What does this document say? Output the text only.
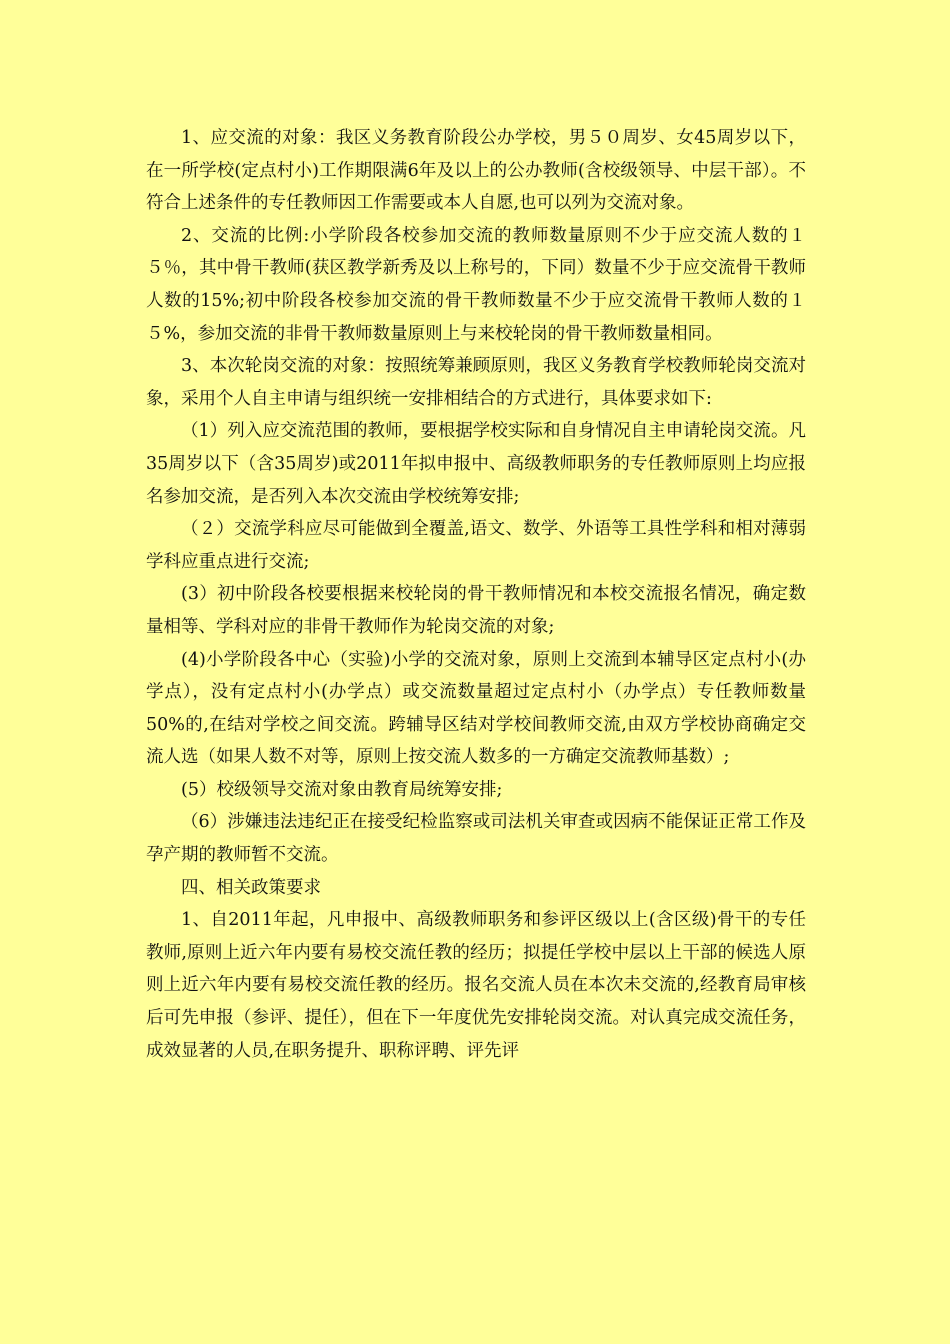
1、应交流的对象：我区义务教育阶段公办学校，男５０周岁、女45周岁以下，在一所学校(定点村小)工作期限满6年及以上的公办教师(含校级领导、中层干部）。不符合上述条件的专任教师因工作需要或本人自愿,也可以列为交流对象。

2、交流的比例:小学阶段各校参加交流的教师数量原则不少于应交流人数的１５％，其中骨干教师(获区教学新秀及以上称号的，下同）数量不少于应交流骨干教师人数的15%;初中阶段各校参加交流的骨干教师数量不少于应交流骨干教师人数的１５%，参加交流的非骨干教师数量原则上与来校轮岗的骨干教师数量相同。

3、本次轮岗交流的对象：按照统筹兼顾原则，我区义务教育学校教师轮岗交流对象，采用个人自主申请与组织统一安排相结合的方式进行，具体要求如下:

（1）列入应交流范围的教师，要根据学校实际和自身情况自主申请轮岗交流。凡35周岁以下（含35周岁)或2011年拟申报中、高级教师职务的专任教师原则上均应报名参加交流，是否列入本次交流由学校统筹安排;

（２）交流学科应尽可能做到全覆盖,语文、数学、外语等工具性学科和相对薄弱学科应重点进行交流;

(3）初中阶段各校要根据来校轮岗的骨干教师情况和本校交流报名情况，确定数量相等、学科对应的非骨干教师作为轮岗交流的对象;

(4)小学阶段各中心（实验)小学的交流对象，原则上交流到本辅导区定点村小(办学点），没有定点村小(办学点）或交流数量超过定点村小（办学点）专任教师数量50%的,在结对学校之间交流。跨辅导区结对学校间教师交流,由双方学校协商确定交流人选（如果人数不对等，原则上按交流人数多的一方确定交流教师基数）;

(5）校级领导交流对象由教育局统筹安排;

（6）涉嫌违法违纪正在接受纪检监察或司法机关审查或因病不能保证正常工作及孕产期的教师暂不交流。

四、相关政策要求

1、自2011年起，凡申报中、高级教师职务和参评区级以上(含区级)骨干的专任教师,原则上近六年内要有易校交流任教的经历；拟提任学校中层以上干部的候选人原则上近六年内要有易校交流任教的经历。报名交流人员在本次未交流的,经教育局审核后可先申报（参评、提任），但在下一年度优先安排轮岗交流。对认真完成交流任务，成效显著的人员,在职务提升、职称评聘、评先评
